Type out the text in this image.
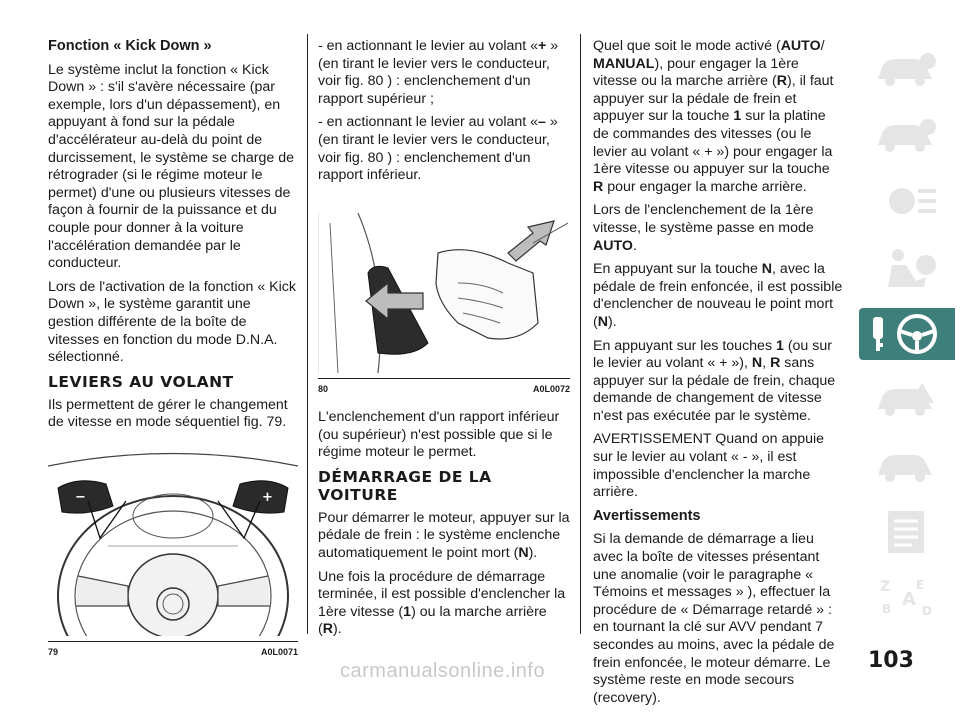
Fonction « Kick Down »

Le système inclut la fonction « Kick Down » : s'il s'avère nécessaire (par exemple, lors d'un dépassement), en appuyant à fond sur la pédale d'accélérateur au-delà du point de durcissement, le système se charge de rétrograder (si le régime moteur le permet) d'une ou plusieurs vitesses de façon à fournir de la puissance et du couple pour donner à la voiture l'accélération demandée par le conducteur.

Lors de l'activation de la fonction « Kick Down », le système garantit une gestion différente de la boîte de vitesses en fonction du mode D.N.A. sélectionné.

LEVIERS AU VOLANT

Ils permettent de gérer le changement de vitesse en mode séquentiel fig. 79.

−	+
79	A0L0071

- en actionnant le levier au volant «+ » (en tirant le levier vers le conducteur, voir fig. 80 ) : enclenchement d'un rapport supérieur ;

- en actionnant le levier au volant «– » (en tirant le levier vers le conducteur, voir fig. 80 ) : enclenchement d'un rapport inférieur.

80	A0L0072

L'enclenchement d'un rapport inférieur (ou supérieur) n'est possible que si le régime moteur le permet.

DÉMARRAGE DE LA VOITURE

Pour démarrer le moteur, appuyer sur la pédale de frein : le système enclenche automatiquement le point mort (N).

Une fois la procédure de démarrage terminée, il est possible d'enclencher la 1ère vitesse (1) ou la marche arrière (R).

Quel que soit le mode activé (AUTO/ MANUAL), pour engager la 1ère vitesse ou la marche arrière (R), il faut appuyer sur la pédale de frein et appuyer sur la touche 1 sur la platine de commandes des vitesses (ou le levier au volant « + ») pour engager la 1ère vitesse ou appuyer sur la touche R pour engager la marche arrière.

Lors de l'enclenchement de la 1ère vitesse, le système passe en mode AUTO.

En appuyant sur la touche N, avec la pédale de frein enfoncée, il est possible d'enclencher de nouveau le point mort (N).

En appuyant sur les touches 1 (ou sur le levier au volant « + »), N, R sans appuyer sur la pédale de frein, chaque demande de changement de vitesse n'est pas exécutée par le système.

AVERTISSEMENT Quand on appuie sur le levier au volant « - », il est impossible d'enclencher la marche arrière.

Avertissements

Si la demande de démarrage a lieu avec la boîte de vitesses présentant une anomalie (voir le paragraphe « Témoins et messages » ), effectuer la procédure de « Démarrage retardé » : en tournant la clé sur AVV pendant 7 secondes au moins, avec la pédale de frein enfoncée, le moteur démarre. Le système reste en mode secours (recovery).

Z E
B A
D
103
carmanualsonline.info
